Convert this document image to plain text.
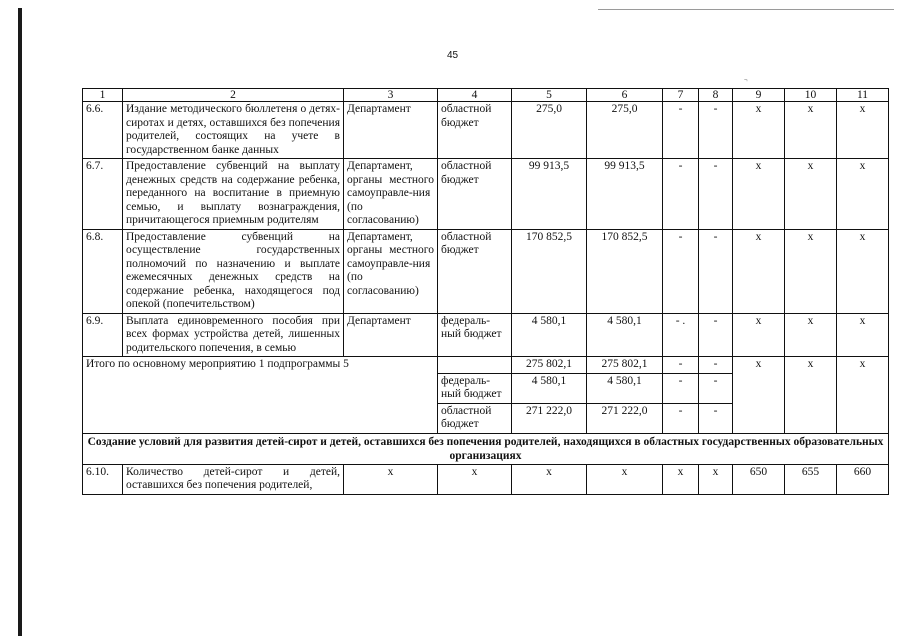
45
¬
1	2	3	4	5	6	7	8	9	10	11
6.6.	Издание методического бюллетеня о детях-сиротах и детях, оставшихся без попечения родителей, состоящих на учете в государственном банке данных	Департамент	областной бюджет	275,0	275,0	-	-	х	х	х
6.7.	Предоставление субвенций на выплату денежных средств на содержание ребенка, переданного на воспитание в приемную семью, и выплату вознаграждения, причитающегося приемным родителям	Департамент, органы местного самоуправле-ния (по согласованию)	областной бюджет	99 913,5	99 913,5	-	-	х	х	х
6.8.	Предоставление субвенций на осуществление государственных полномочий по назначению и выплате ежемесячных денежных средств на содержание ребенка, находящегося под опекой (попечительством)	Департамент, органы местного самоуправле-ния (по согласованию)	областной бюджет	170 852,5	170 852,5	-	-	х	х	х
6.9.	Выплата единовременного пособия при всех формах устройства детей, лишенных родительского попечения, в семью	Департамент	федераль-ный бюджет	4 580,1	4 580,1	- .	-	х	х	х
Итого по основному мероприятию 1 подпрограммы 5				275 802,1	275 802,1	-	-	х	х	х
			федераль-ный бюджет	4 580,1	4 580,1	-	-			
			областной бюджет	271 222,0	271 222,0	-	-			
Создание условий для развития детей-сирот и детей, оставшихся без попечения родителей, находящихся в областных государственных образовательных организациях										
6.10.	Количество детей-сирот и детей, оставшихся без попечения родителей,	х	х	х	х	х	х	650	655	660
